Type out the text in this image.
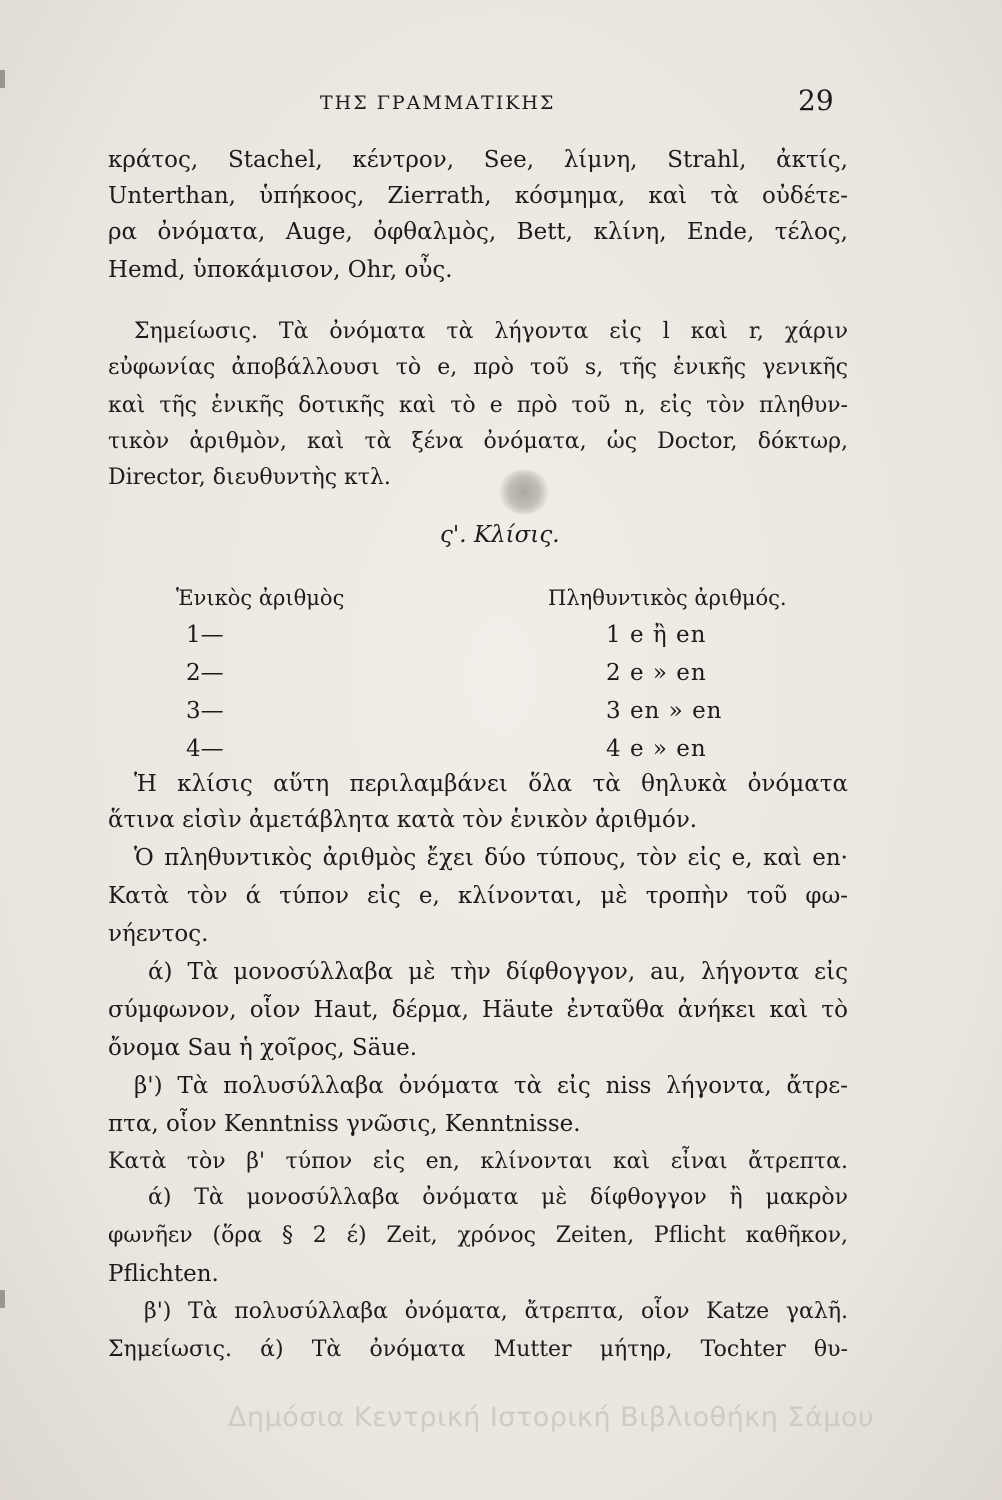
ΤΗΣ ΓΡΑΜΜΑΤΙΚΗΣ	29
κράτος, Stachel, κέντρον, See, λίμνη, Strahl, ἀκτίς,
Unterthan, ὑπήκοος, Zierrath, κόσμημα, καὶ τὰ οὐδέτε-
ρα ὀνόματα, Auge, ὀφθαλμὸς, Bett, κλίνη, Ende, τέλος,
Hemd, ὑποκάμισον, Ohr, οὖς.
Σημείωσις. Τὰ ὀνόματα τὰ λήγοντα εἰς l καὶ r, χάριν
εὐφωνίας ἀποβάλλουσι τὸ e, πρὸ τοῦ s, τῆς ἑνικῆς γενικῆς
καὶ τῆς ἑνικῆς δοτικῆς καὶ τὸ e πρὸ τοῦ n, εἰς τὸν πληθυν-
τικὸν ἀριθμὸν, καὶ τὰ ξένα ὀνόματα, ὡς Doctor, δόκτωρ,
Director, διευθυντὴς κτλ.
ς'. Κλίσις.
Ἑνικὸς ἀριθμὸς	Πληθυντικὸς ἀριθμός.
1—	1 e ἢ en
2—	2 e » en
3—	3 en » en
4—	4 e » en
Ἡ κλίσις αὕτη περιλαμβάνει ὅλα τὰ θηλυκὰ ὀνόματα
ἅτινα εἰσὶν ἀμετάβλητα κατὰ τὸν ἑνικὸν ἀριθμόν.
Ὁ πληθυντικὸς ἀριθμὸς ἔχει δύο τύπους, τὸν εἰς e, καὶ en·
Κατὰ τὸν ά τύπον εἰς e, κλίνονται, μὲ τροπὴν τοῦ φω-
νήεντος.
ά) Τὰ μονοσύλλαβα μὲ τὴν δίφθογγον, au, λήγοντα εἰς
σύμφωνον, οἷον Haut, δέρμα, Häute ἐνταῦθα ἀνήκει καὶ τὸ
ὄνομα Sau ἡ χοῖρος, Säue.
β') Τὰ πολυσύλλαβα ὀνόματα τὰ εἰς niss λήγοντα, ἄτρε-
πτα, οἷον Kenntniss γνῶσις, Kenntnisse.
Κατὰ τὸν β' τύπον εἰς en, κλίνονται καὶ εἶναι ἄτρεπτα.
ά) Τὰ μονοσύλλαβα ὀνόματα μὲ δίφθογγον ἢ μακρὸν
φωνῆεν (ὅρα § 2 έ) Zeit, χρόνος Zeiten, Pflicht καθῆκον,
Pflichten.
β') Τὰ πολυσύλλαβα ὀνόματα, ἄτρεπτα, οἷον Katze γαλῆ.
Σημείωσις. ά) Τὰ ὀνόματα Mutter μήτηρ, Tochter θυ-
Δημόσια Κεντρική Ιστορική Βιβλιοθήκη Σάμου
